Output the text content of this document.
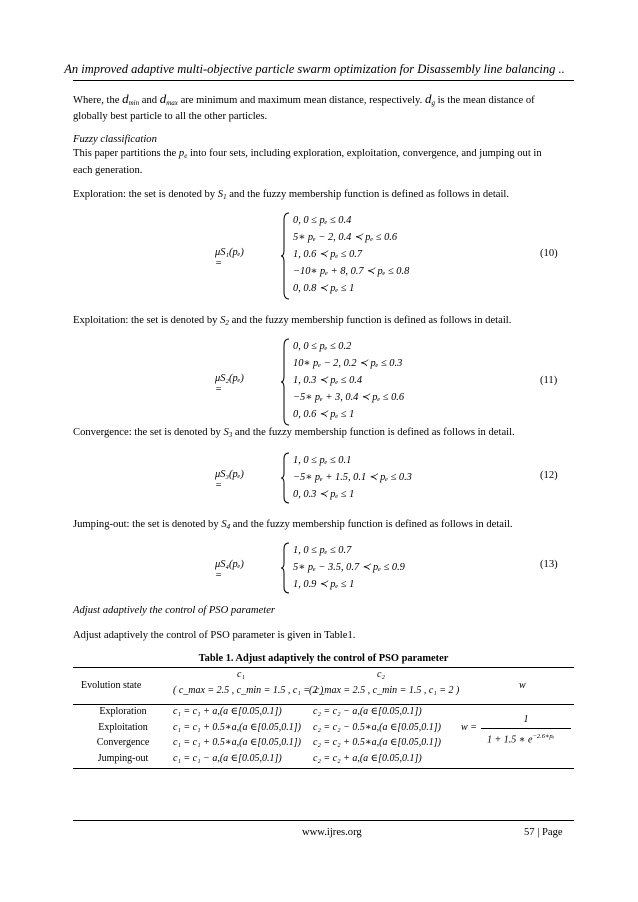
An improved adaptive multi-objective particle swarm optimization for Disassembly line balancing ..
Where, the $d_{min}$ and $d_{max}$ are minimum and maximum mean distance, respectively. $d_g$ is the mean distance of
globally best particle to all the other particles.
Fuzzy classification
This paper partitions the $p_e$ into four sets, including exploration, exploitation, convergence, and jumping out in
each generation.
Exploration: the set is denoted by $S_1$ and the fuzzy membership function is defined as follows in detail.
μS₁(pₑ) =
0, 0 ≤ pₑ ≤ 0.4
5∗ pₑ − 2, 0.4 ≺ pₑ ≤ 0.6
1, 0.6 ≺ pₑ ≤ 0.7
−10∗ pₑ + 8, 0.7 ≺ pₑ ≤ 0.8
0, 0.8 ≺ pₑ ≤ 1
(10)
Exploitation: the set is denoted by $S_2$ and the fuzzy membership function is defined as follows in detail.
μS₂(pₑ) =
0, 0 ≤ pₑ ≤ 0.2
10∗ pₑ − 2, 0.2 ≺ pₑ ≤ 0.3
1, 0.3 ≺ pₑ ≤ 0.4
−5∗ pₑ + 3, 0.4 ≺ pₑ ≤ 0.6
0, 0.6 ≺ pₑ ≤ 1
(11)
Convergence: the set is denoted by $S_3$ and the fuzzy membership function is defined as follows in detail.
μS₃(pₑ) =
1, 0 ≤ pₑ ≤ 0.1
−5∗ pₑ + 1.5, 0.1 ≺ pₑ ≤ 0.3
0, 0.3 ≺ pₑ ≤ 1
(12)
Jumping-out: the set is denoted by $S_4$ and the fuzzy membership function is defined as follows in detail.
μS₄(pₑ) =
1, 0 ≤ pₑ ≤ 0.7
5∗ pₑ − 3.5, 0.7 ≺ pₑ ≤ 0.9
1, 0.9 ≺ pₑ ≤ 1
(13)
Adjust adaptively the control of PSO parameter
Adjust adaptively the control of PSO parameter is given in Table1.
Table 1. Adjust adaptively the control of PSO parameter
Evolution state
c₁
( c_max = 2.5 , c_min = 1.5 , c₁ = 2 )
c₂
( c_max = 2.5 , c_min = 1.5 , c₁ = 2 )	w
Exploration
Exploitation
Convergence
Jumping-out
c₁ = c₁ + a,(a ∈[0.05,0.1])
c₁ = c₁ + 0.5∗a,(a ∈[0.05,0.1])
c₁ = c₁ + 0.5∗a,(a ∈[0.05,0.1])
c₁ = c₁ − a,(a ∈[0.05,0.1])
c₂ = c₂ − a,(a ∈[0.05,0.1])
c₂ = c₂ − 0.5∗a,(a ∈[0.05,0.1])
c₂ = c₂ + 0.5∗a,(a ∈[0.05,0.1])
c₂ = c₂ + a,(a ∈[0.05,0.1])
w =
1
1 + 1.5 ∗ $e^{-2.6∗p_e}$
www.ijres.org	57 | Page
